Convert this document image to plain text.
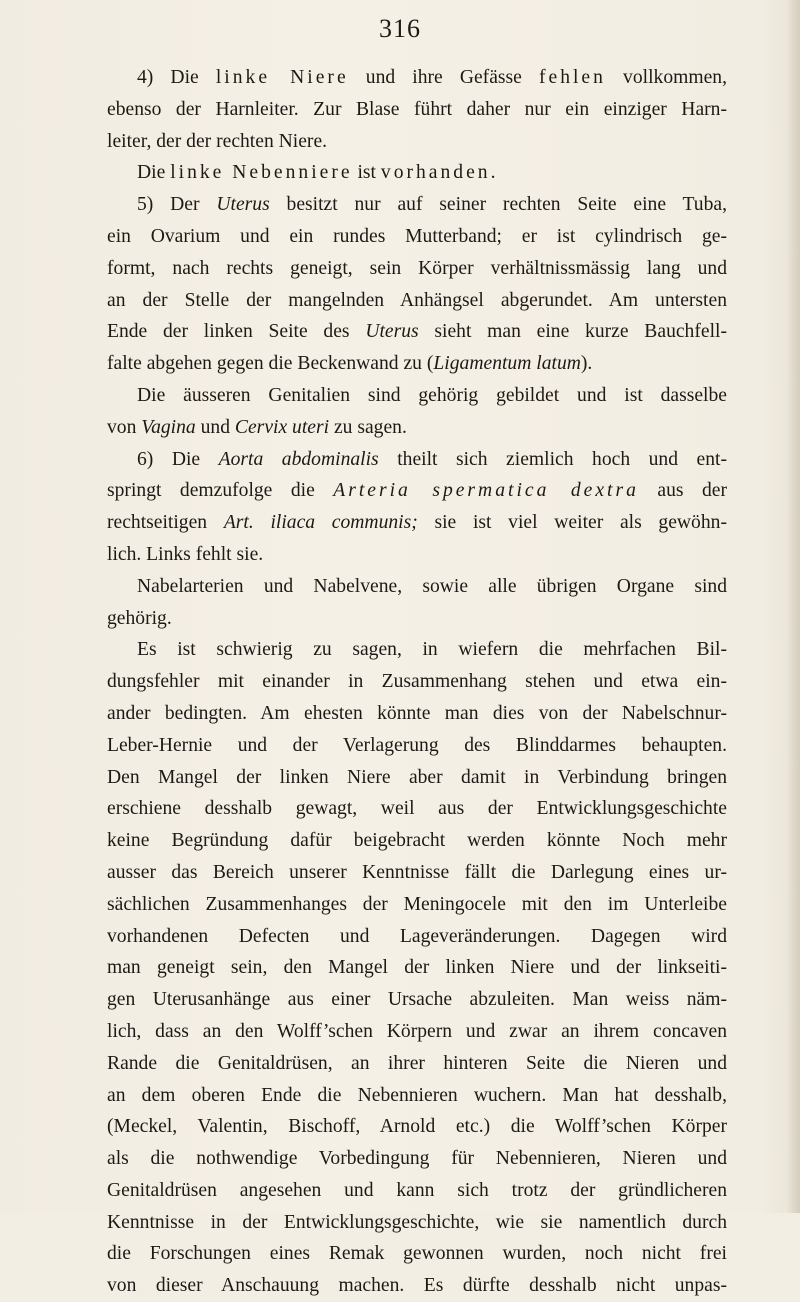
316
4) Die linke Niere und ihre Gefässe fehlen vollkommen,
ebenso der Harnleiter. Zur Blase führt daher nur ein einziger Harn-
leiter, der der rechten Niere.
Die linke Nebenniere ist vorhanden.
5) Der Uterus besitzt nur auf seiner rechten Seite eine Tuba,
ein Ovarium und ein rundes Mutterband; er ist cylindrisch ge-
formt, nach rechts geneigt, sein Körper verhältnissmässig lang und
an der Stelle der mangelnden Anhängsel abgerundet. Am untersten
Ende der linken Seite des Uterus sieht man eine kurze Bauchfell-
falte abgehen gegen die Beckenwand zu (Ligamentum latum).
Die äusseren Genitalien sind gehörig gebildet und ist dasselbe
von Vagina und Cervix uteri zu sagen.
6) Die Aorta abdominalis theilt sich ziemlich hoch und ent-
springt demzufolge die Arteria spermatica dextra aus der
rechtseitigen Art. iliaca communis; sie ist viel weiter als gewöhn-
lich. Links fehlt sie.
Nabelarterien und Nabelvene, sowie alle übrigen Organe sind
gehörig.
Es ist schwierig zu sagen, in wiefern die mehrfachen Bil-
dungsfehler mit einander in Zusammenhang stehen und etwa ein-
ander bedingten. Am ehesten könnte man dies von der Nabelschnur-
Leber-Hernie und der Verlagerung des Blinddarmes behaupten.
Den Mangel der linken Niere aber damit in Verbindung bringen
erschiene desshalb gewagt, weil aus der Entwicklungsgeschichte
keine Begründung dafür beigebracht werden könnte Noch mehr
ausser das Bereich unserer Kenntnisse fällt die Darlegung eines ur-
sächlichen Zusammenhanges der Meningocele mit den im Unterleibe
vorhandenen Defecten und Lageveränderungen. Dagegen wird
man geneigt sein, den Mangel der linken Niere und der linkseiti-
gen Uterusanhänge aus einer Ursache abzuleiten. Man weiss näm-
lich, dass an den Wolff’schen Körpern und zwar an ihrem concaven
Rande die Genitaldrüsen, an ihrer hinteren Seite die Nieren und
an dem oberen Ende die Nebennieren wuchern. Man hat desshalb,
(Meckel, Valentin, Bischoff, Arnold etc.) die Wolff’schen Körper
als die nothwendige Vorbedingung für Nebennieren, Nieren und
Genitaldrüsen angesehen und kann sich trotz der gründlicheren
Kenntnisse in der Entwicklungsgeschichte, wie sie namentlich durch
die Forschungen eines Remak gewonnen wurden, noch nicht frei
von dieser Anschauung machen. Es dürfte desshalb nicht unpas-
